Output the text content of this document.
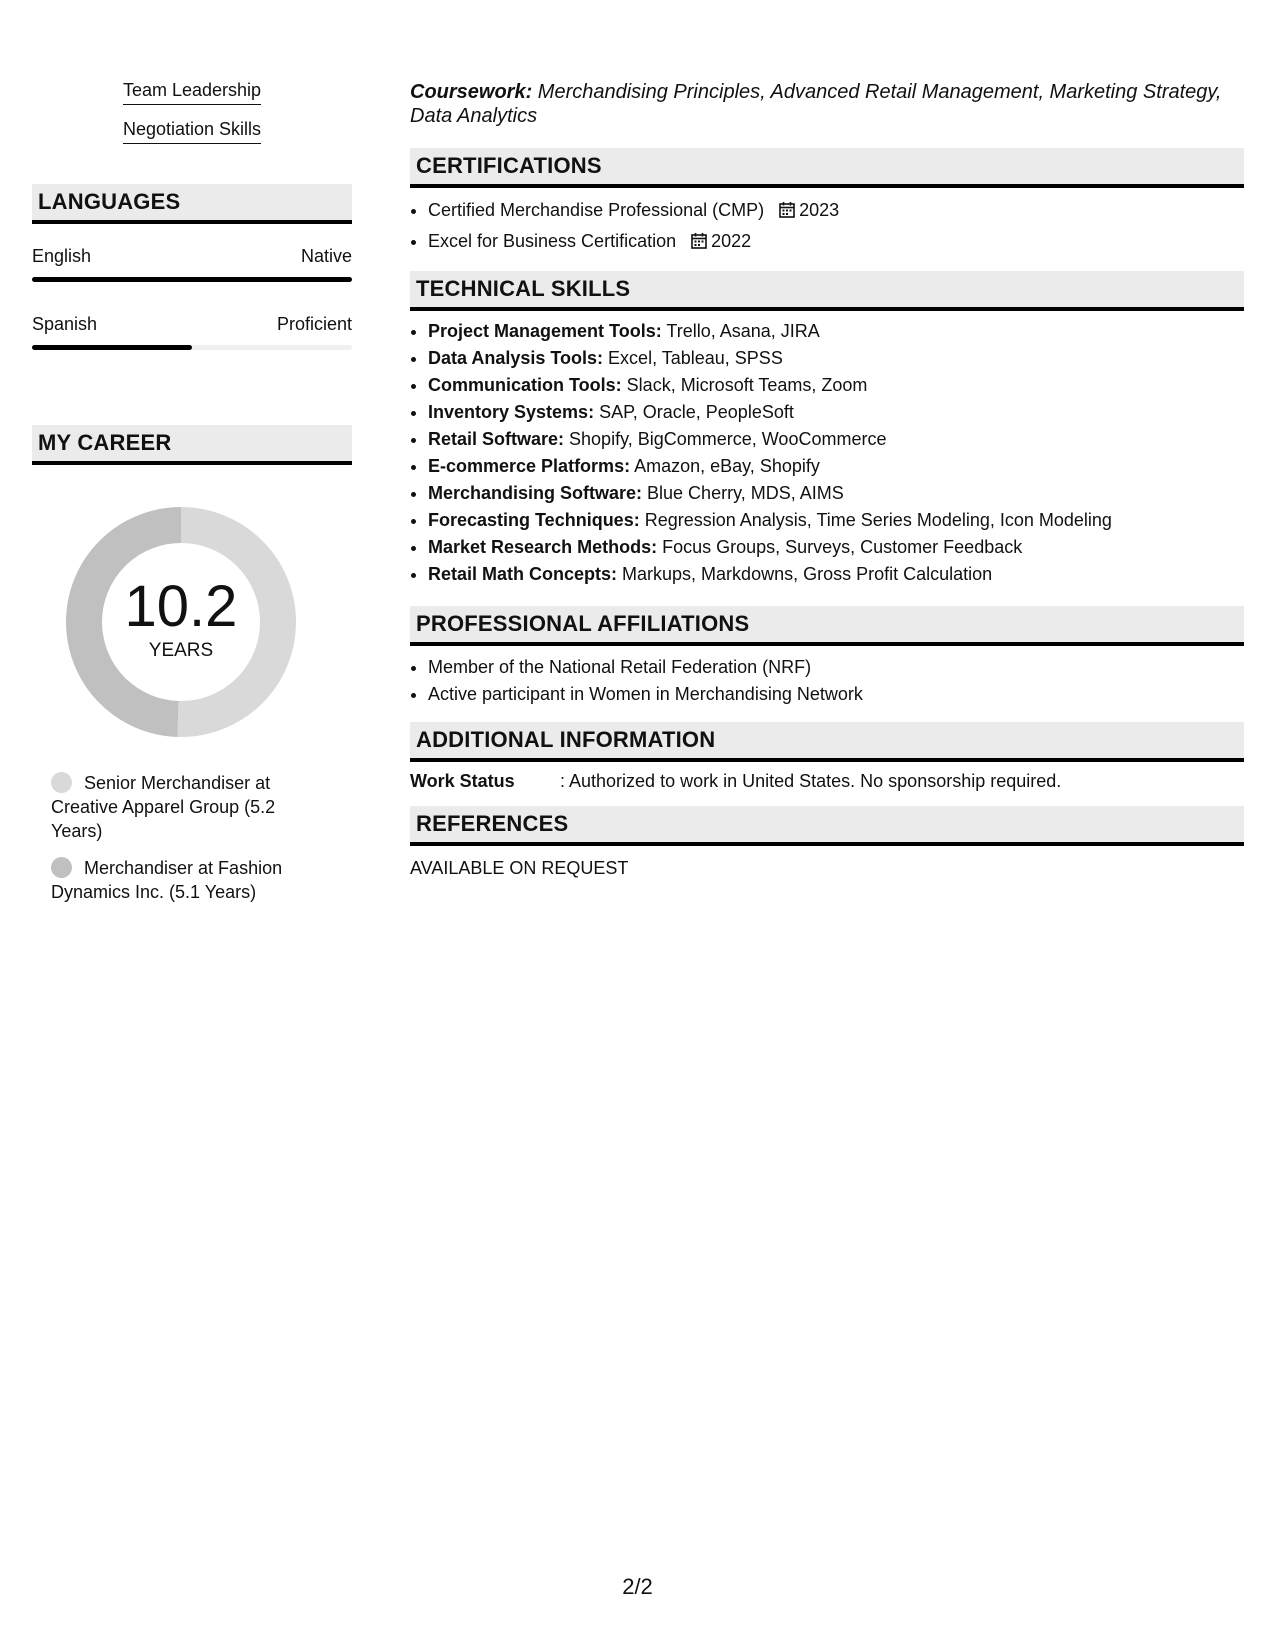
Team Leadership
Negotiation Skills
LANGUAGES
English	Native
Spanish	Proficient
MY CAREER
10.2
YEARS
Senior Merchandiser at Creative Apparel Group (5.2 Years)
Merchandiser at Fashion Dynamics Inc. (5.1 Years)
Coursework: Merchandising Principles, Advanced Retail Management, Marketing Strategy, Data Analytics
CERTIFICATIONS
• Certified Merchandise Professional (CMP) 2023
• Excel for Business Certification 2022
TECHNICAL SKILLS
• Project Management Tools: Trello, Asana, JIRA
• Data Analysis Tools: Excel, Tableau, SPSS
• Communication Tools: Slack, Microsoft Teams, Zoom
• Inventory Systems: SAP, Oracle, PeopleSoft
• Retail Software: Shopify, BigCommerce, WooCommerce
• E-commerce Platforms: Amazon, eBay, Shopify
• Merchandising Software: Blue Cherry, MDS, AIMS
• Forecasting Techniques: Regression Analysis, Time Series Modeling, Icon Modeling
• Market Research Methods: Focus Groups, Surveys, Customer Feedback
• Retail Math Concepts: Markups, Markdowns, Gross Profit Calculation
PROFESSIONAL AFFILIATIONS
• Member of the National Retail Federation (NRF)
• Active participant in Women in Merchandising Network
ADDITIONAL INFORMATION
Work Status	: Authorized to work in United States. No sponsorship required.
REFERENCES
AVAILABLE ON REQUEST
2/2
